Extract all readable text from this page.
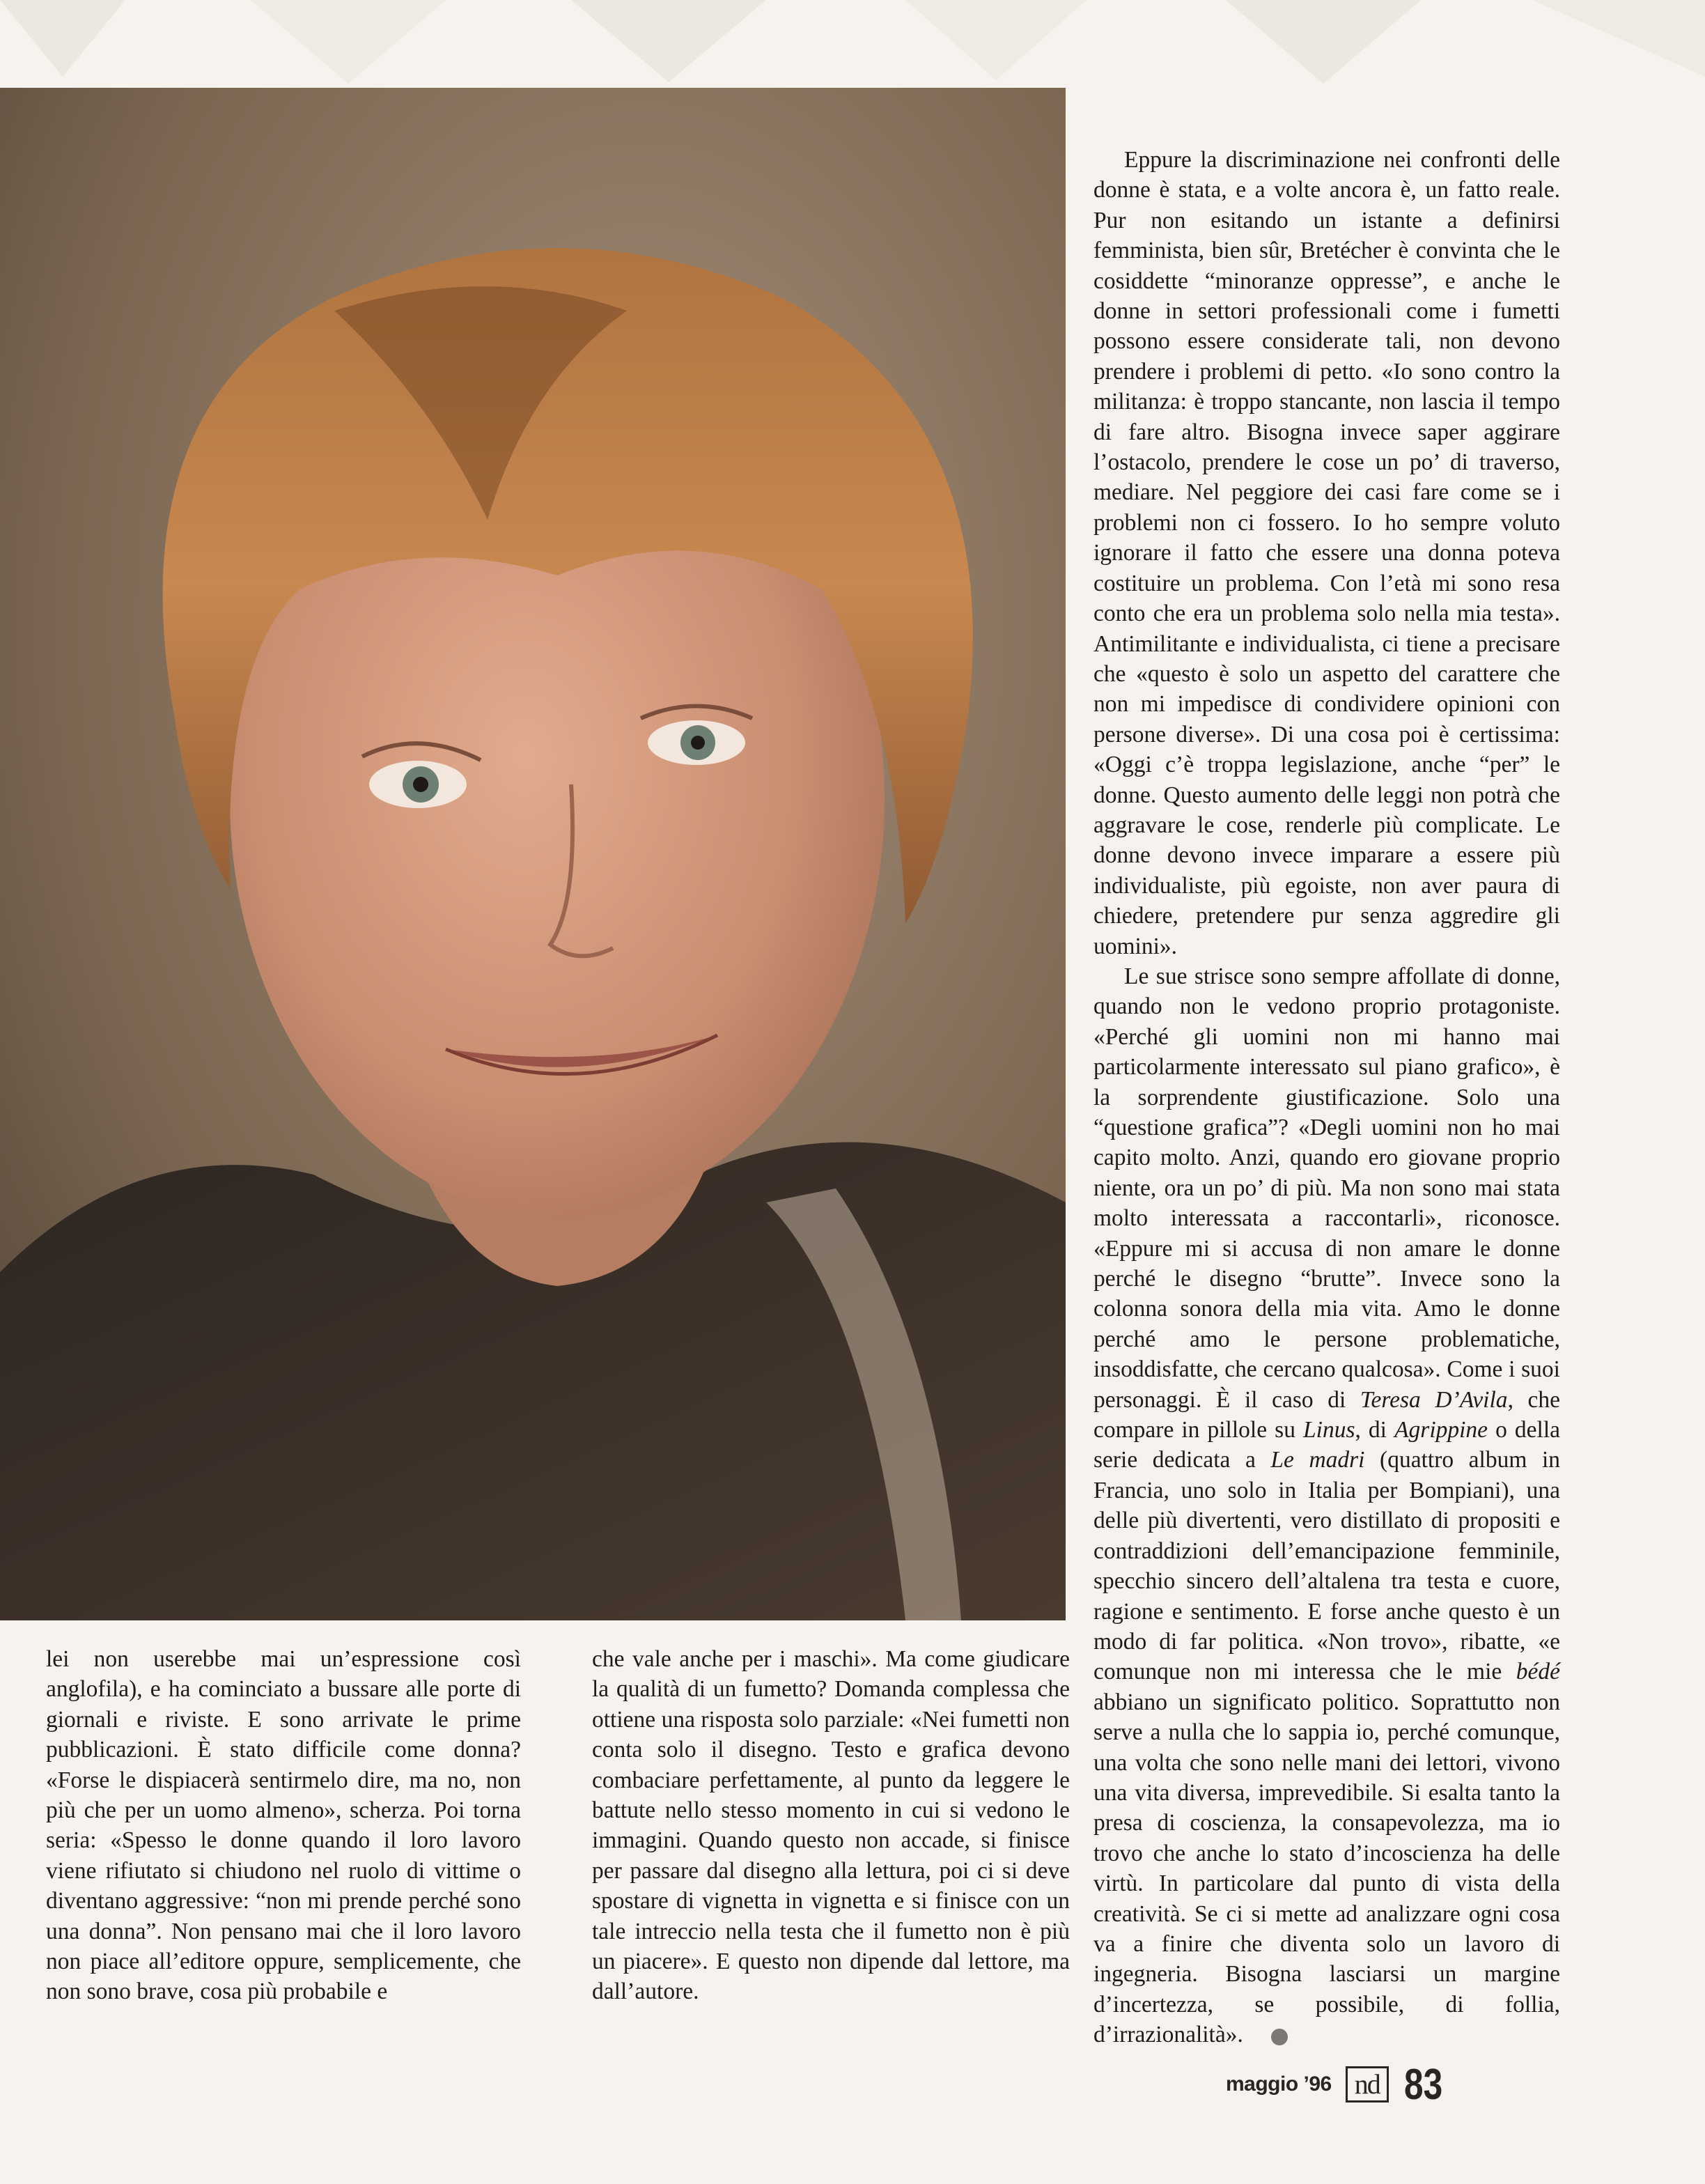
Eppure la discriminazione nei confronti delle donne è stata, e a volte ancora è, un fatto reale. Pur non esitando un istante a definirsi femminista, bien sûr, Bretécher è convinta che le cosiddette “minoranze oppresse”, e anche le donne in settori professionali come i fumetti possono essere considerate tali, non devono prendere i problemi di petto. «Io sono contro la militanza: è troppo stancante, non lascia il tempo di fare altro. Bisogna invece saper aggirare l’ostacolo, prendere le cose un po’ di traverso, mediare. Nel peggiore dei casi fare come se i problemi non ci fossero. Io ho sempre voluto ignorare il fatto che essere una donna poteva costituire un problema. Con l’età mi sono resa conto che era un problema solo nella mia testa». Antimilitante e individualista, ci tiene a precisare che «questo è solo un aspetto del carattere che non mi impedisce di condividere opinioni con persone diverse». Di una cosa poi è certissima: «Oggi c’è troppa legislazione, anche “per” le donne. Questo aumento delle leggi non potrà che aggravare le cose, renderle più complicate. Le donne devono invece imparare a essere più individualiste, più egoiste, non aver paura di chiedere, pretendere pur senza aggredire gli uomini».

Le sue strisce sono sempre affollate di donne, quando non le vedono proprio protagoniste. «Perché gli uomini non mi hanno mai particolarmente interessato sul piano grafico», è la sorprendente giustificazione. Solo una “questione grafica”? «Degli uomini non ho mai capito molto. Anzi, quando ero giovane proprio niente, ora un po’ di più. Ma non sono mai stata molto interessata a raccontarli», riconosce. «Eppure mi si accusa di non amare le donne perché le disegno “brutte”. Invece sono la colonna sonora della mia vita. Amo le donne perché amo le persone problematiche, insoddisfatte, che cercano qualcosa». Come i suoi personaggi. È il caso di Teresa D’Avila, che compare in pillole su Linus, di Agrippine o della serie dedicata a Le madri (quattro album in Francia, uno solo in Italia per Bompiani), una delle più divertenti, vero distillato di propositi e contraddizioni dell’emancipazione femminile, specchio sincero dell’altalena tra testa e cuore, ragione e sentimento. E forse anche questo è un modo di far politica. «Non trovo», ribatte, «e comunque non mi interessa che le mie bédé abbiano un significato politico. Soprattutto non serve a nulla che lo sappia io, perché comunque, una volta che sono nelle mani dei lettori, vivono una vita diversa, imprevedibile. Si esalta tanto la presa di coscienza, la consapevolezza, ma io trovo che anche lo stato d’incoscienza ha delle virtù. In particolare dal punto di vista della creatività. Se ci si mette ad analizzare ogni cosa va a finire che diventa solo un lavoro di ingegneria. Bisogna lasciarsi un margine d’incertezza, se possibile, di follia, d’irrazionalità».

lei non userebbe mai un’espressione così anglofila), e ha cominciato a bussare alle porte di giornali e riviste. E sono arrivate le prime pubblicazioni. È stato difficile come donna? «Forse le dispiacerà sentirmelo dire, ma no, non più che per un uomo almeno», scherza. Poi torna seria: «Spesso le donne quando il loro lavoro viene rifiutato si chiudono nel ruolo di vittime o diventano aggressive: “non mi prende perché sono una donna”. Non pensano mai che il loro lavoro non piace all’editore oppure, semplicemente, che non sono brave, cosa più probabile e

che vale anche per i maschi». Ma come giudicare la qualità di un fumetto? Domanda complessa che ottiene una risposta solo parziale: «Nei fumetti non conta solo il disegno. Testo e grafica devono combaciare perfettamente, al punto da leggere le battute nello stesso momento in cui si vedono le immagini. Quando questo non accade, si finisce per passare dal disegno alla lettura, poi ci si deve spostare di vignetta in vignetta e si finisce con un tale intreccio nella testa che il fumetto non è più un piacere». E questo non dipende dal lettore, ma dall’autore.

maggio ’96 nd 83
